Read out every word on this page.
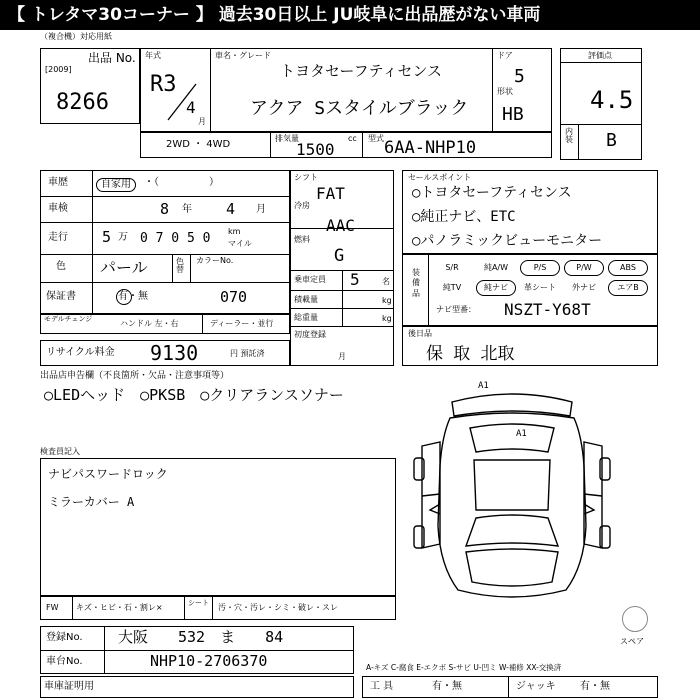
【 トレタマ30コーナー 】 過去30日以上 JU岐阜に出品歴がない車両
（複合機）対応用紙
出品 No.
[2009]
8266
年式
R3
4
月
車名・グレード
トヨタセーフティセンス
アクア Sスタイルブラック
ドア
5
形状
HB
評価点
4.5
内装 B
2WD ・ 4WD
排気量	cc
1500
型式 6AA-NHP10
車歴	自家用	・（　　　　　）
車検	8 年 4 月
走行 5 万 0 7 0 5 0 km
マイル
色 パール	色替
カラーNo.
070
保証書	有・無
モデルチェンジ	ハンドル 左・右	ディーラー・並行
リサイクル料金 9130	円 預託済
シフト
FAT
冷房
AAC
燃料
G
乗車定員 5	名
積載量	kg
総重量	kg
初度登録
月
セールスポイント
○トヨタセーフティセンス
○純正ナビ、ETC
○パノラミックビューモニター
装備品
S/R	純A/W	P/S	P/W	ABS
純TV	純ナビ	革シート	外ナビ	エアB
ナビ型番： NSZT-Y68T
後日品
保 取 北取
出品店申告欄（不良箇所・欠品・注意事項等）
○LEDヘッド　○PKSB　○クリアランスソナー
検査員記入
ナビパスワードロック
ミラーカバー A
A1
A1
スペア
FW キズ・ヒビ・石・割レ×	シート 汚・穴・汚レ・シミ・破レ・スレ
登録No. 大阪　　532　ま　　84
車台No.	NHP10-2706370
車庫証明用
A-キズ C-腐食 E-エクボ S-サビ U-凹ミ W-補修 XX-交換済
工 具	有・無	ジャッキ 有・無
